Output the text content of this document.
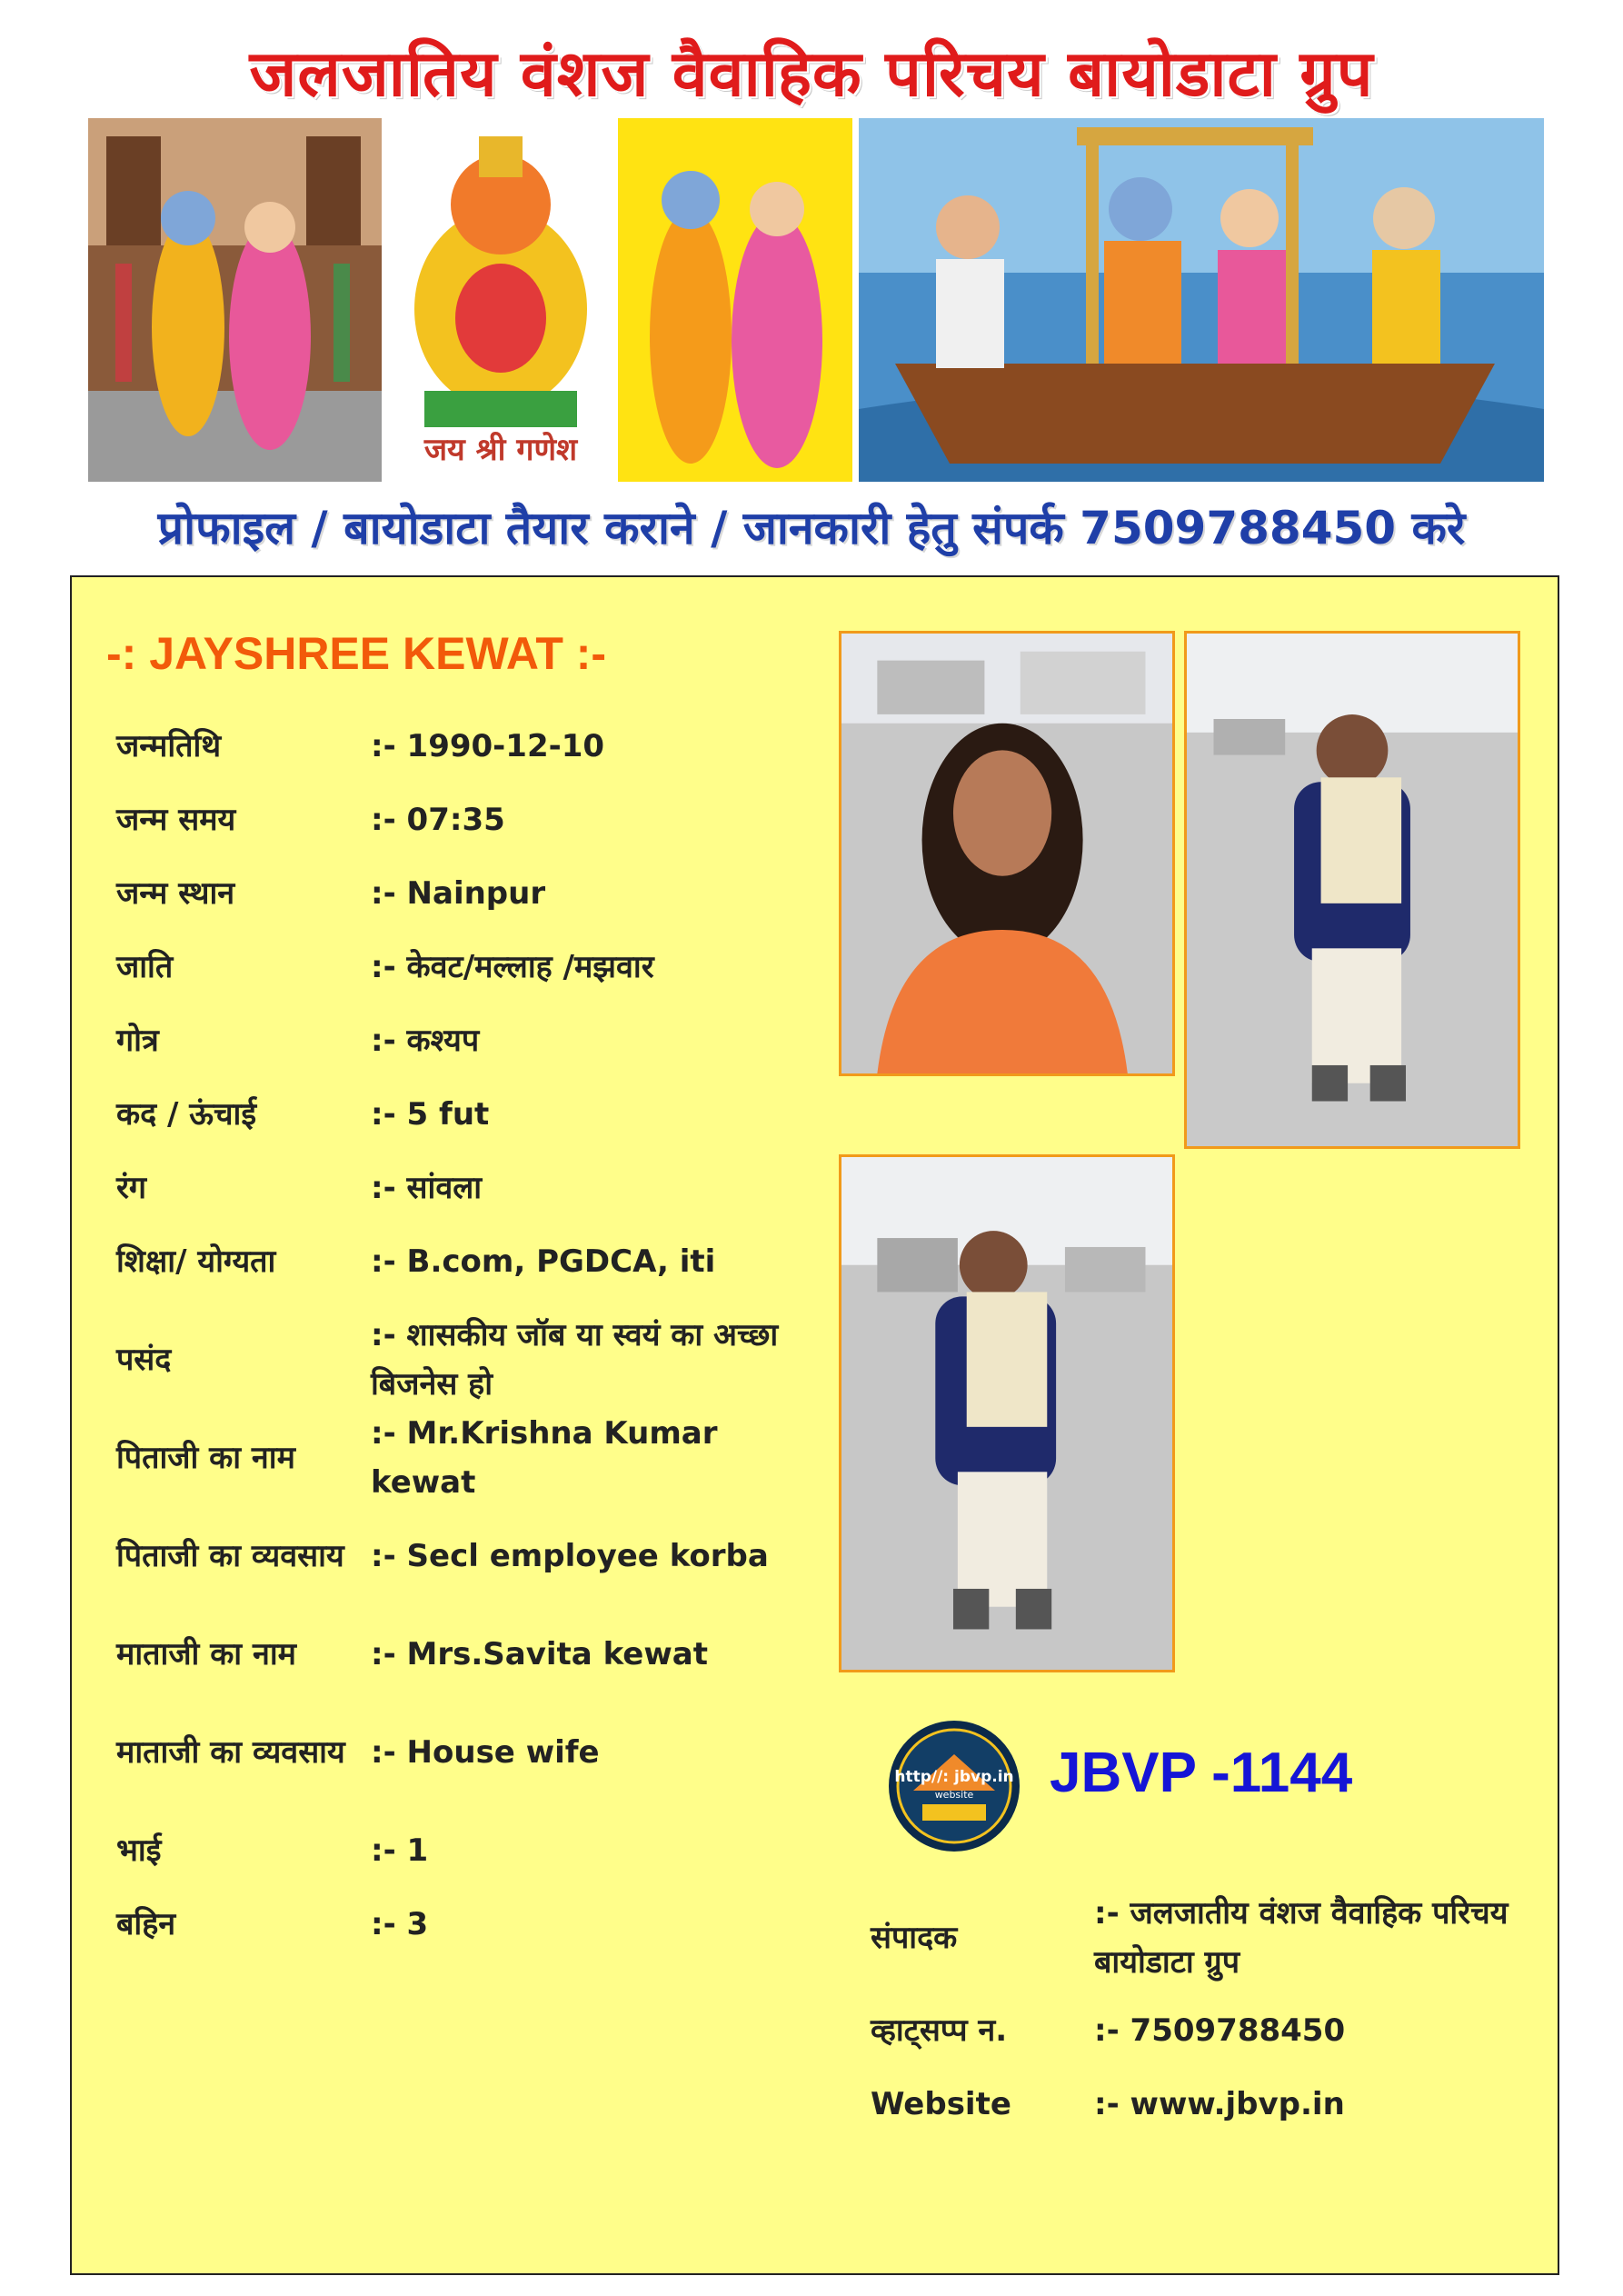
जलजातिय वंशज वैवाहिक परिचय बायोडाटा ग्रुप
जय श्री गणेश
प्रोफाइल / बायोडाटा तैयार कराने / जानकारी हेतु संपर्क 7509788450 करे
-: JAYSHREE KEWAT :-
जन्मतिथि	:- 1990-12-10
जन्म समय	:- 07:35
जन्म स्थान	:- Nainpur
जाति	:- केवट/मल्लाह /मझवार
गोत्र	:- कश्यप
कद / ऊंचाई	:- 5 fut
रंग	:- सांवला
शिक्षा/ योग्यता	:- B.com, PGDCA, iti
पसंद
:- शासकीय जॉब या स्वयं का अच्छा बिजनेस हो
पिताजी का नाम
:- Mr.Krishna Kumar kewat
पिताजी का व्यवसाय :- Secl employee korba
माताजी का नाम	:- Mrs.Savita kewat
माताजी का व्यवसाय :- House wife
भाई	:- 1
बहिन	:- 3
http//: jbvp.in
website	JBVP -1144
संपादक
:- जलजातीय वंशज वैवाहिक परिचय बायोडाटा ग्रुप
व्हाट्सप्प न.	:- 7509788450
Website	:- www.jbvp.in
